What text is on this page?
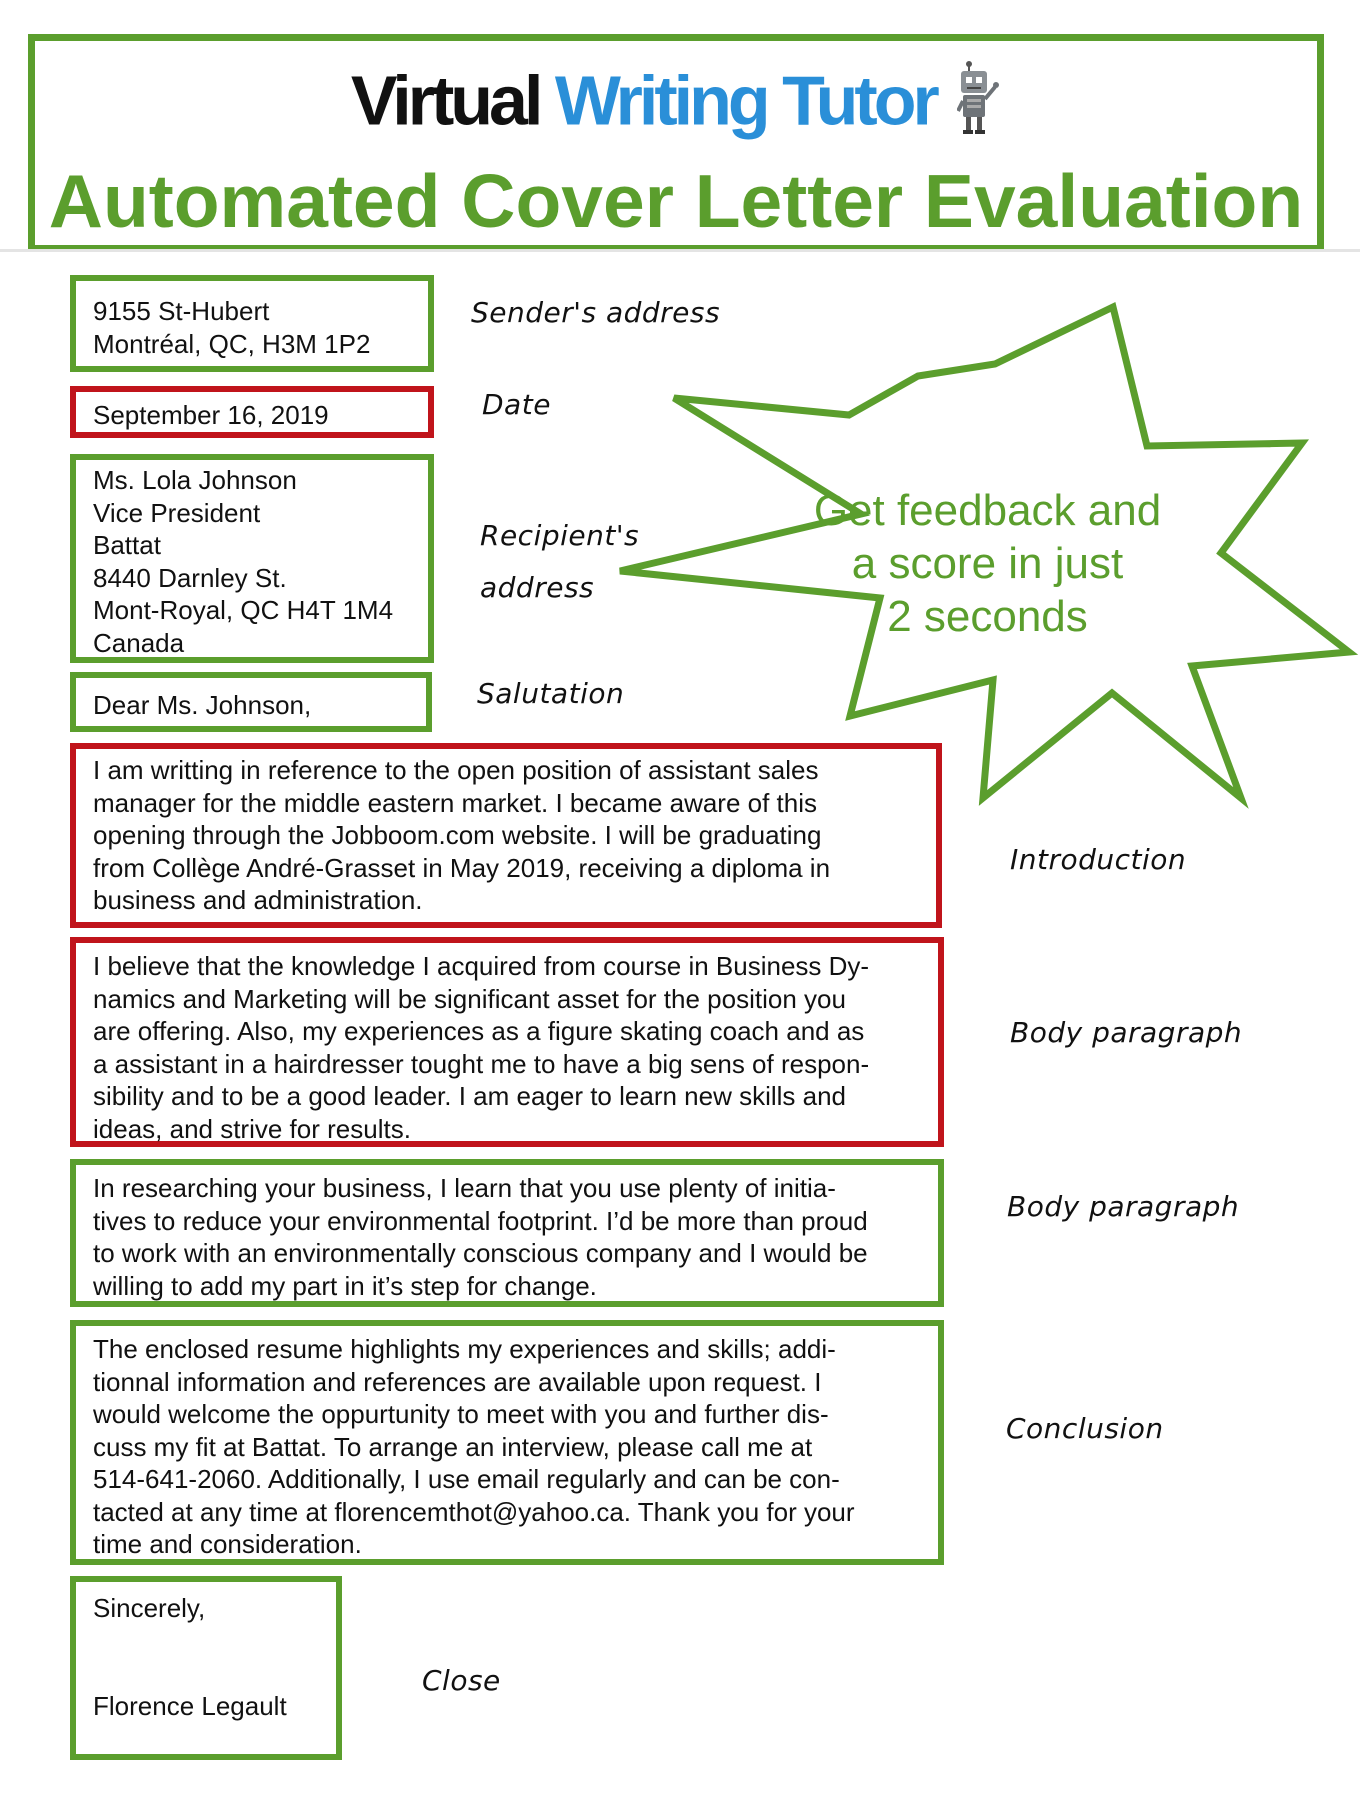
Virtual Writing Tutor
Automated Cover Letter Evaluation
9155 St-Hubert
Montréal, QC, H3M 1P2
Sender's address
September 16, 2019	Date
Ms. Lola Johnson
Vice President
Battat
8440 Darnley St.
Mont-Royal, QC H4T 1M4
Canada
Recipient's
address
Dear Ms. Johnson,	Salutation
I am writting in reference to the open position of assistant sales
manager for the middle eastern market. I became aware of this
opening through the Jobboom.com website. I will be graduating
from Collège André-Grasset in May 2019, receiving a diploma in
business and administration.
Introduction
Get feedback and
a score in just
2 seconds
I believe that the knowledge I acquired from course in Business Dy-
namics and Marketing will be significant asset for the position you
are offering. Also, my experiences as a figure skating coach and as
a assistant in a hairdresser tought me to have a big sens of respon-
sibility and to be a good leader. I am eager to learn new skills and
ideas, and strive for results.
Body paragraph
In researching your business, I learn that you use plenty of initia-
tives to reduce your environmental footprint. I’d be more than proud
to work with an environmentally conscious company and I would be
willing to add my part in it’s step for change.
Body paragraph
The enclosed resume highlights my experiences and skills; addi-
tionnal information and references are available upon request. I
would welcome the oppurtunity to meet with you and further dis-
cuss my fit at Battat. To arrange an interview, please call me at
514-641-2060. Additionally, I use email regularly and can be con-
tacted at any time at florencemthot@yahoo.ca. Thank you for your
time and consideration.
Conclusion
Sincerely,
Florence Legault
Close
